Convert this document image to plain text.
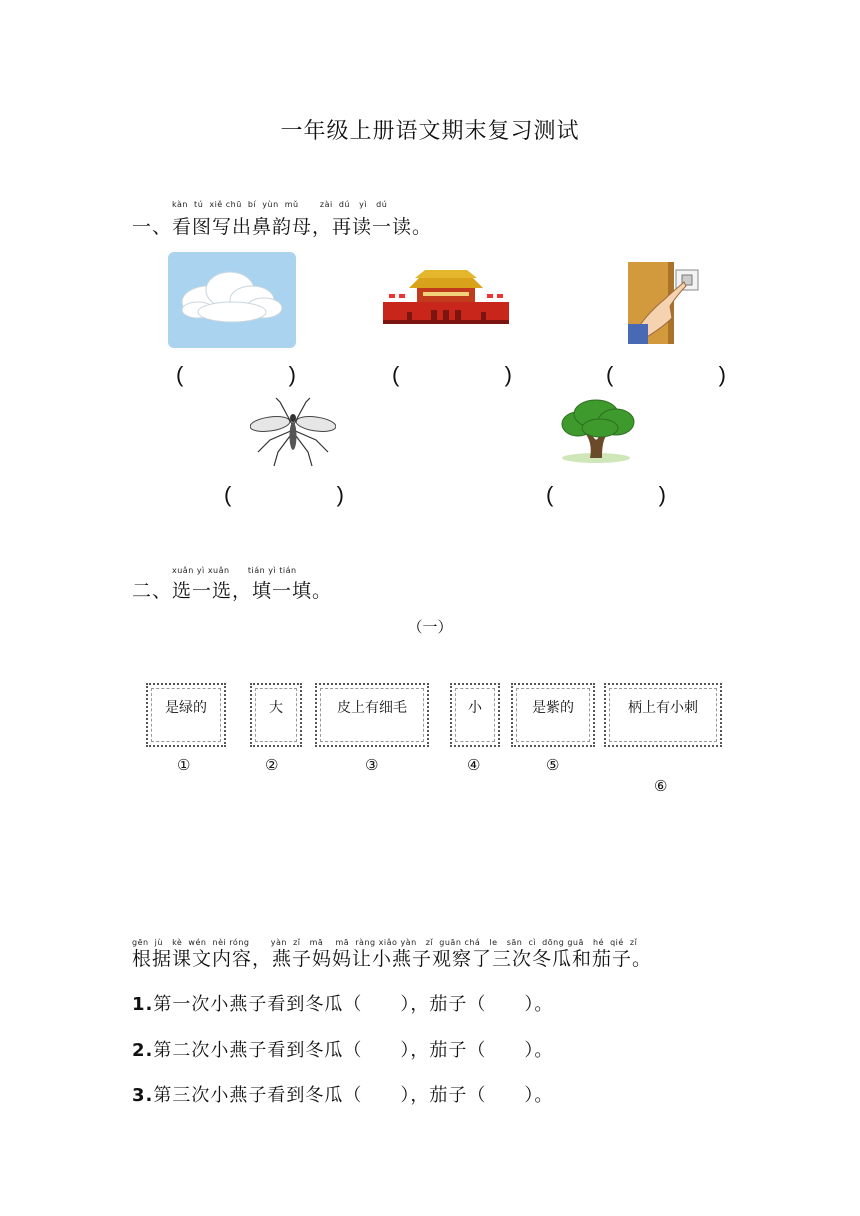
一年级上册语文期末复习测试
kàn  tú  xiě chū  bí  yùn  mǔ       zài  dú   yì   dú
一、看图写出鼻韵母，再读一读。
(	)	(	)	(	)
(	)	(	)
xuǎn yì xuǎn      tián yì tián
二、选一选，填一填。
（一）
是绿的	大	皮上有细毛	小	是紫的	柄上有小刺
①	②	③	④	⑤
⑥
gēn  jù   kè  wén  nèi róng       yàn  zǐ   mā    mā  ràng xiǎo yàn   zǐ  guān chá   le   sān  cì  dōng guā   hé  qié  zǐ
根据课文内容，燕子妈妈让小燕子观察了三次冬瓜和茄子。
1.第一次小燕子看到冬瓜（　　），茄子（　　）。
2.第二次小燕子看到冬瓜（　　），茄子（　　）。
3.第三次小燕子看到冬瓜（　　），茄子（　　）。
